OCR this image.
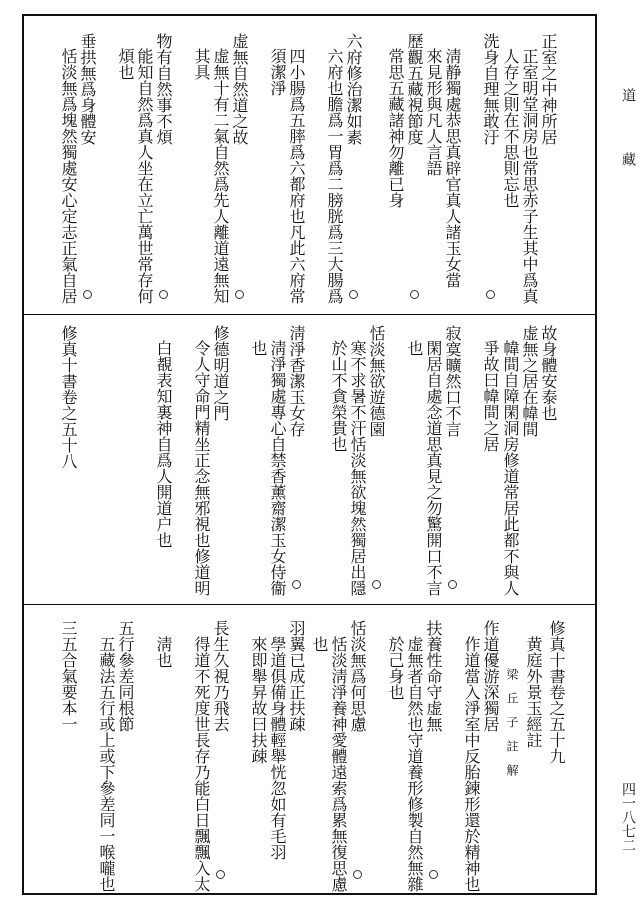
道
藏
四一八七二
正室之中神所居
正室明堂洞房也常思赤子生其中爲真
人存之則在不思則忘也
洗身自理無敢汙
淸静獨處恭思真辟官真人諸玉女當
來見形與凡人言語
歷觀五藏視節度
常思五藏諸神勿離已身
六府修治潔如素
六府也膽爲一胃爲二膀胱爲三大腸爲
四小腸爲五膟爲六都府也凡此六府常
須潔淨
虚無自然道之故
虚無十有二氣自然爲先人離道遠無知
其具
物有自然事不煩
能知自然爲真人坐在立亡萬世常存何
煩也
垂拱無爲身體安
恬淡無爲塊然獨處安心定志正氣自居
故身體安泰也
虚無之居在幃間
幃間自障閑洞房修道常居此都不與人
爭故曰幃間之居
寂寞曠然口不言
閑居自處念道思真見之勿驚開口不言
也
恬淡無欲遊德園
寒不求暑不汗恬淡無欲塊然獨居出隱
於山不貪榮貴也
淸淨香潔玉女存
淸淨獨處專心自禁香薰齋潔玉女侍衞
也
修德明道之門
令人守命門精坐正念無邪視也修道明
白覩表知裏神自爲人開道户也
修真十書卷之五十八
修真十書卷之五十九
黄庭外景玉經註
梁　丘　子　註　解
作道優游深獨居
作道當入淨室中反胎鍊形還於精神也
扶養性命守虚無
虚無者自然也守道養形修製自然無雜
於己身也
恬淡無爲何思慮
恬淡淸淨養神愛體遠索爲累無復思慮
也
羽翼已成正扶疎
學道俱備身體輕舉恍忽如有毛羽
來即舉昇故曰扶疎
長生久視乃飛去
得道不死度世長存乃能白日飄飄入太
淸也
五行參差同根節
五藏法五行或上或下參差同一喉嚨也
三五合氣要本一
